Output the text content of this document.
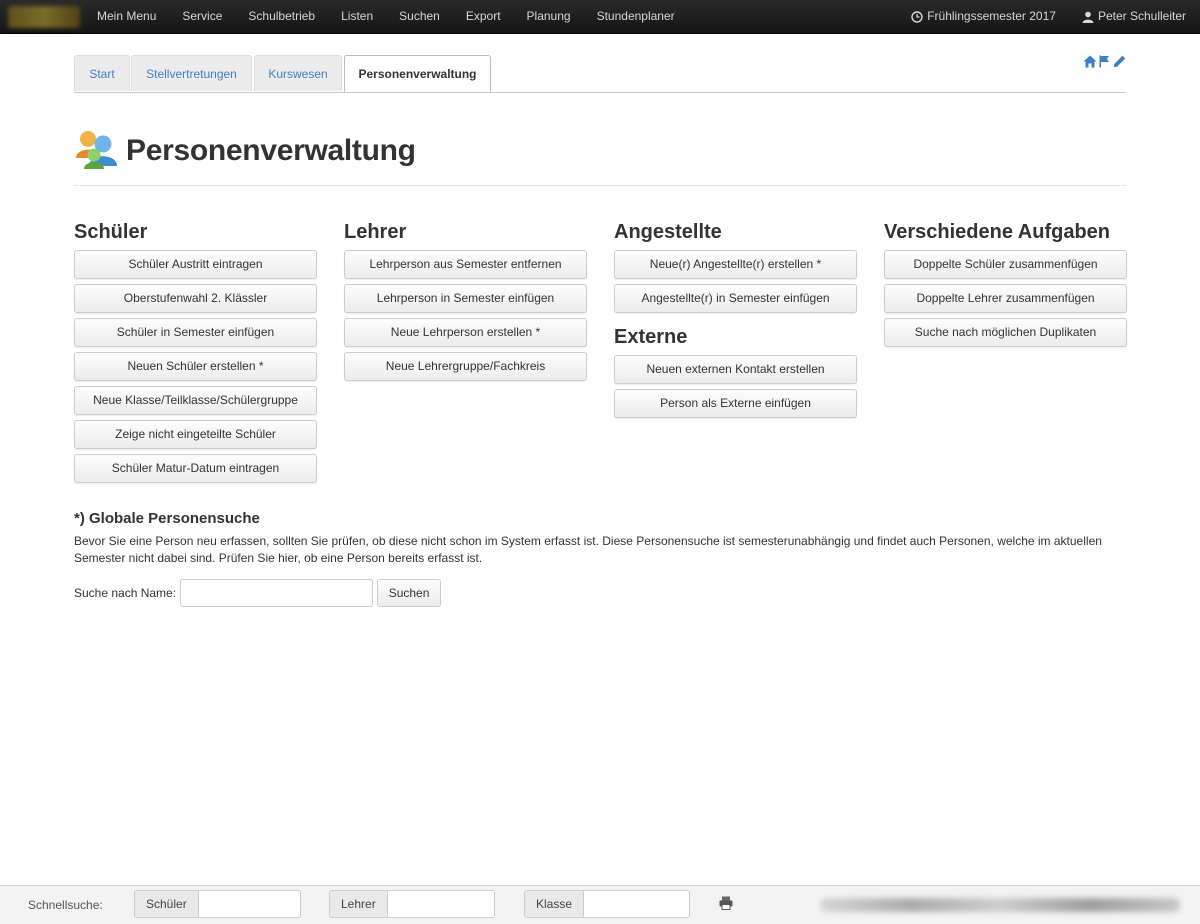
Mein Menu	Service	Schulbetrieb	Listen	Suchen	Export	Planung	Stundenplaner	Frühlingssemester 2017	Peter Schulleiter
Start	Stellvertretungen	Kurswesen	Personenverwaltung
Personenverwaltung
Schüler
Schüler Austritt eintragen
Oberstufenwahl 2. Klässler
Schüler in Semester einfügen
Neuen Schüler erstellen *
Neue Klasse/Teilklasse/Schülergruppe
Zeige nicht eingeteilte Schüler
Schüler Matur-Datum eintragen
Lehrer
Lehrperson aus Semester entfernen
Lehrperson in Semester einfügen
Neue Lehrperson erstellen *
Neue Lehrergruppe/Fachkreis
Angestellte
Neue(r) Angestellte(r) erstellen *
Angestellte(r) in Semester einfügen
Externe
Neuen externen Kontakt erstellen
Person als Externe einfügen
Verschiedene Aufgaben
Doppelte Schüler zusammenfügen
Doppelte Lehrer zusammenfügen
Suche nach möglichen Duplikaten
*) Globale Personensuche

Bevor Sie eine Person neu erfassen, sollten Sie prüfen, ob diese nicht schon im System erfasst ist. Diese Personensuche ist semesterunabhängig und findet auch Personen, welche im aktuellen Semester nicht dabei sind. Prüfen Sie hier, ob eine Person bereits erfasst ist.

Suche nach Name:	Suchen
Schnellsuche:	Schüler	Lehrer	Klasse
